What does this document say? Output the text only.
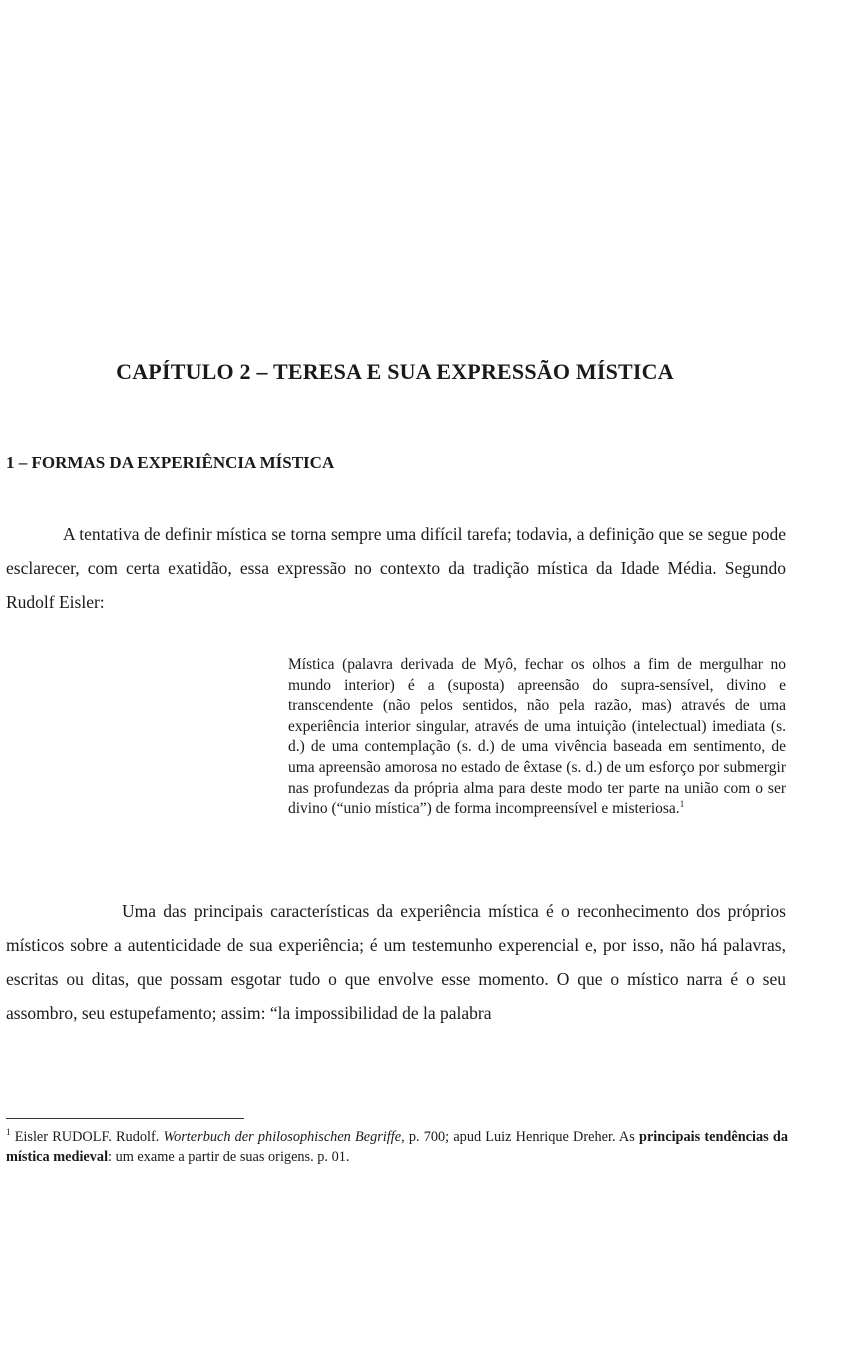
CAPÍTULO 2 – TERESA E SUA EXPRESSÃO MÍSTICA
1 – FORMAS DA EXPERIÊNCIA MÍSTICA

A tentativa de definir mística se torna sempre uma difícil tarefa; todavia, a definição que se segue pode esclarecer, com certa exatidão, essa expressão no contexto da tradição mística da Idade Média. Segundo Rudolf Eisler:

Mística (palavra derivada de Myô, fechar os olhos a fim de mergulhar no mundo interior) é a (suposta) apreensão do supra-sensível, divino e transcendente (não pelos sentidos, não pela razão, mas) através de uma experiência interior singular, através de uma intuição (intelectual) imediata (s. d.) de uma contemplação (s. d.) de uma vivência baseada em sentimento, de uma apreensão amorosa no estado de êxtase (s. d.) de um esforço por submergir nas profundezas da própria alma para deste modo ter parte na união com o ser divino (“unio mística”) de forma incompreensível e misteriosa.$^1$

Uma das principais características da experiência mística é o reconhecimento dos próprios místicos sobre a autenticidade de sua experiência; é um testemunho experencial e, por isso, não há palavras, escritas ou ditas, que possam esgotar tudo o que envolve esse momento. O que o místico narra é o seu assombro, seu estupefamento; assim: “la impossibilidad de la palabra

$^1$ Eisler RUDOLF. Rudolf. Worterbuch der philosophischen Begriffe, p. 700; apud Luiz Henrique Dreher. As principais tendências da mística medieval: um exame a partir de suas origens. p. 01.
